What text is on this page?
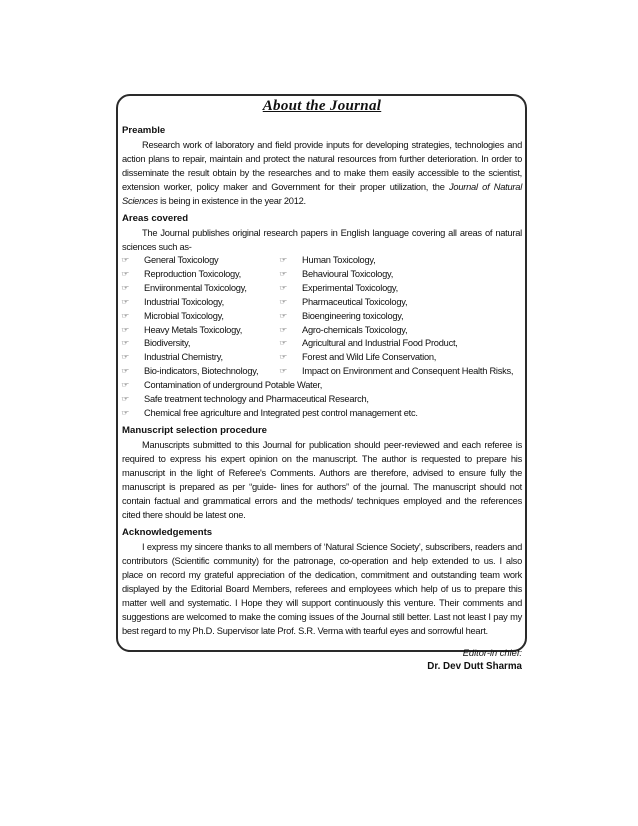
About the Journal
Preamble

Research work of laboratory and field provide inputs for developing strategies, technologies and action plans to repair, maintain and protect the natural resources from further deterioration. In order to disseminate the result obtain by the researches and to make them easily accessible to the scientist, extension worker, policy maker and Government for their proper utilization, the Journal of Natural Sciences is being in existence in the year 2012.

Areas covered

The Journal publishes original research papers in English language covering all areas of natural sciences such as-

☞ General Toxicology	☞ Human Toxicology,
☞ Reproduction Toxicology,	☞ Behavioural Toxicology,
☞ Enviironmental Toxicology,	☞ Experimental Toxicology,
☞ Industrial Toxicology,	☞ Pharmaceutical Toxicology,
☞ Microbial Toxicology,	☞ Bioengineering toxicology,
☞ Heavy Metals Toxicology,	☞ Agro-chemicals Toxicology,
☞ Biodiversity,	☞ Agricultural and Industrial Food Product,
☞ Industrial Chemistry,	☞ Forest and Wild Life Conservation,
☞ Bio-indicators, Biotechnology,	☞ Impact on Environment and Consequent Health Risks,
☞ Contamination of underground Potable Water,
☞ Safe treatment technology and Pharmaceutical Research,
☞ Chemical free agriculture and Integrated pest control management etc.
Manuscript selection procedure

Manuscripts submitted to this Journal for publication should peer-reviewed and each referee is required to express his expert opinion on the manuscript. The author is requested to prepare his manuscript in the light of Referee's Comments. Authors are therefore, advised to ensure fully the manuscript is prepared as per “guide- lines for authors” of the journal. The manuscript should not contain factual and grammatical errors and the methods/ techniques employed and the references cited there should be latest one.

Acknowledgements

I express my sincere thanks to all members of ‘Natural Science Society’, subscribers, readers and contributors (Scientific community) for the patronage, co-operation and help extended to us. I also place on record my grateful appreciation of the dedication, commitment and outstanding team work displayed by the Editorial Board Members, referees and employees which help of us to prepare this matter well and systematic. I Hope they will support continuously this venture. Their comments and suggestions are welcomed to make the coming issues of the Journal still better. Last not least I pay my best regard to my Ph.D. Supervisor late Prof. S.R. Verma with tearful eyes and sorrowful heart.

Editor-in chief:
Dr. Dev Dutt Sharma
